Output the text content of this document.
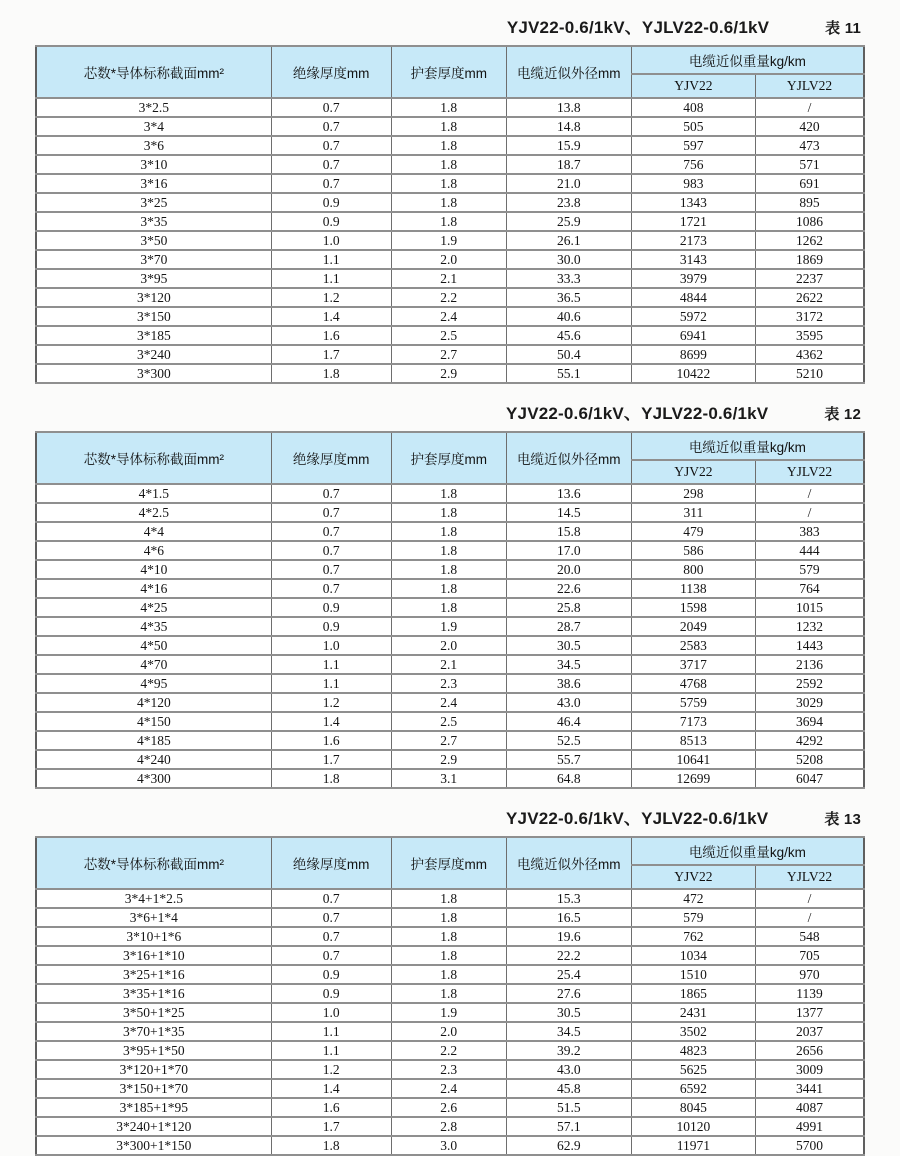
YJV22-0.6/1kV、YJLV22-0.6/1kV	表 11
芯数*导体标称截面mm²	绝缘厚度mm	护套厚度mm	电缆近似外径mm	电缆近似重量kg/km	
				YJV22	YJLV22
3*2.5	0.7	1.8	13.8	408	/
3*4	0.7	1.8	14.8	505	420
3*6	0.7	1.8	15.9	597	473
3*10	0.7	1.8	18.7	756	571
3*16	0.7	1.8	21.0	983	691
3*25	0.9	1.8	23.8	1343	895
3*35	0.9	1.8	25.9	1721	1086
3*50	1.0	1.9	26.1	2173	1262
3*70	1.1	2.0	30.0	3143	1869
3*95	1.1	2.1	33.3	3979	2237
3*120	1.2	2.2	36.5	4844	2622
3*150	1.4	2.4	40.6	5972	3172
3*185	1.6	2.5	45.6	6941	3595
3*240	1.7	2.7	50.4	8699	4362
3*300	1.8	2.9	55.1	10422	5210
YJV22-0.6/1kV、YJLV22-0.6/1kV	表 12
芯数*导体标称截面mm²	绝缘厚度mm	护套厚度mm	电缆近似外径mm	电缆近似重量kg/km	
				YJV22	YJLV22
4*1.5	0.7	1.8	13.6	298	/
4*2.5	0.7	1.8	14.5	311	/
4*4	0.7	1.8	15.8	479	383
4*6	0.7	1.8	17.0	586	444
4*10	0.7	1.8	20.0	800	579
4*16	0.7	1.8	22.6	1138	764
4*25	0.9	1.8	25.8	1598	1015
4*35	0.9	1.9	28.7	2049	1232
4*50	1.0	2.0	30.5	2583	1443
4*70	1.1	2.1	34.5	3717	2136
4*95	1.1	2.3	38.6	4768	2592
4*120	1.2	2.4	43.0	5759	3029
4*150	1.4	2.5	46.4	7173	3694
4*185	1.6	2.7	52.5	8513	4292
4*240	1.7	2.9	55.7	10641	5208
4*300	1.8	3.1	64.8	12699	6047
YJV22-0.6/1kV、YJLV22-0.6/1kV	表 13
芯数*导体标称截面mm²	绝缘厚度mm	护套厚度mm	电缆近似外径mm	电缆近似重量kg/km	
				YJV22	YJLV22
3*4+1*2.5	0.7	1.8	15.3	472	/
3*6+1*4	0.7	1.8	16.5	579	/
3*10+1*6	0.7	1.8	19.6	762	548
3*16+1*10	0.7	1.8	22.2	1034	705
3*25+1*16	0.9	1.8	25.4	1510	970
3*35+1*16	0.9	1.8	27.6	1865	1139
3*50+1*25	1.0	1.9	30.5	2431	1377
3*70+1*35	1.1	2.0	34.5	3502	2037
3*95+1*50	1.1	2.2	39.2	4823	2656
3*120+1*70	1.2	2.3	43.0	5625	3009
3*150+1*70	1.4	2.4	45.8	6592	3441
3*185+1*95	1.6	2.6	51.5	8045	4087
3*240+1*120	1.7	2.8	57.1	10120	4991
3*300+1*150	1.8	3.0	62.9	11971	5700
